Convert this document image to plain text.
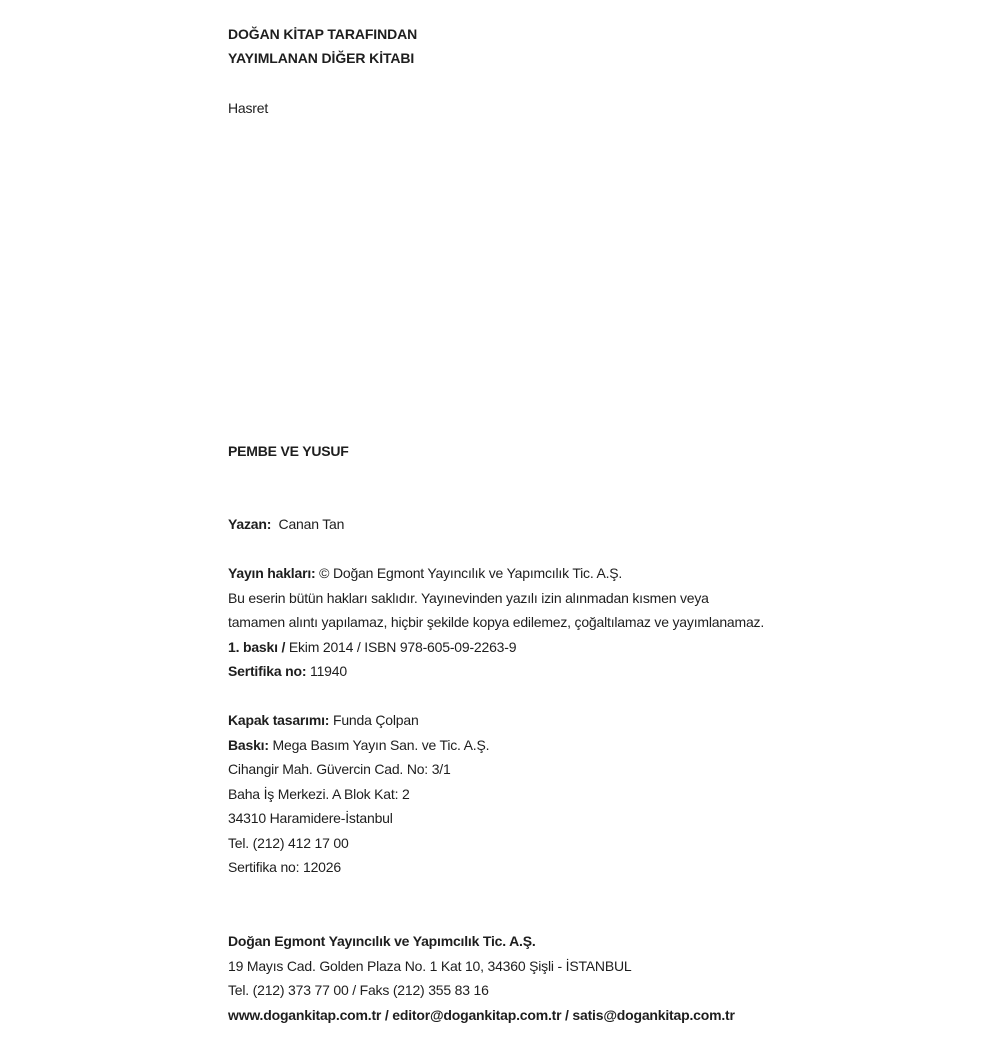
DOĞAN KİTAP TARAFINDAN
YAYIMLANAN DİĞER KİTABI
Hasret
PEMBE VE YUSUF
Yazan: Canan Tan
Yayın hakları: © Doğan Egmont Yayıncılık ve Yapımcılık Tic. A.Ş.
Bu eserin bütün hakları saklıdır. Yayınevinden yazılı izin alınmadan kısmen veya
tamamen alıntı yapılamaz, hiçbir şekilde kopya edilemez, çoğaltılamaz ve yayımlanamaz.
1. baskı / Ekim 2014 / ISBN 978-605-09-2263-9
Sertifika no: 11940
Kapak tasarımı: Funda Çolpan
Baskı: Mega Basım Yayın San. ve Tic. A.Ş.
Cihangir Mah. Güvercin Cad. No: 3/1
Baha İş Merkezi. A Blok Kat: 2
34310 Haramidere-İstanbul
Tel. (212) 412 17 00
Sertifika no: 12026
Doğan Egmont Yayıncılık ve Yapımcılık Tic. A.Ş.
19 Mayıs Cad. Golden Plaza No. 1 Kat 10, 34360 Şişli - İSTANBUL
Tel. (212) 373 77 00 / Faks (212) 355 83 16
www.dogankitap.com.tr / editor@dogankitap.com.tr / satis@dogankitap.com.tr
